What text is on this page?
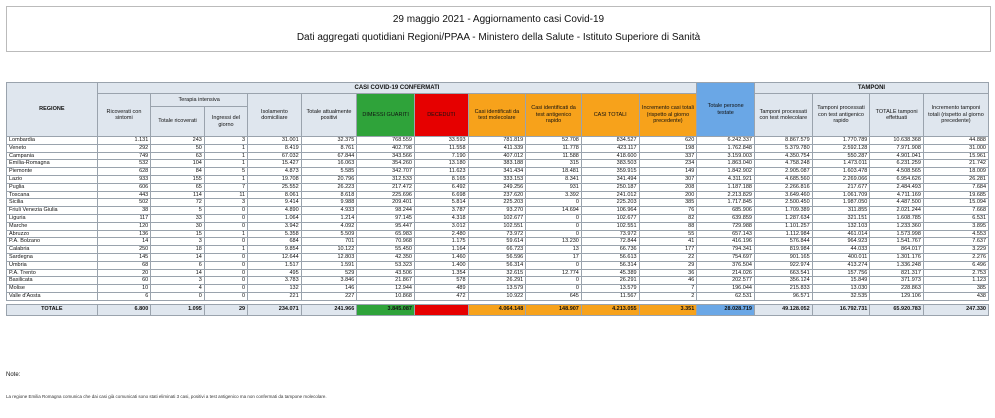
29 maggio 2021 - Aggiornamento casi Covid-19
Dati aggregati quotidiani Regioni/PPAA - Ministero della Salute - Istituto Superiore di Sanità
REGIONE	CASI COVID-19 CONFERMATI											Totale persone testate	TAMPONI			
	Ricoverati con sintomi	Terapia intensiva		Isolamento domiciliare	Totale attualmente positivi	DIMESSI GUARITI	DECEDUTI	Casi identificati da test molecolare	Casi identificati da test antigenico rapido	CASI TOTALI	Incremento casi totali (rispetto al giorno precedente)		Tamponi processati con test molecolare	Tamponi processati con test antigenico rapido	TOTALE tamponi effettuati	Incremento tamponi totali (rispetto al giorno precedente)
		Totale ricoverati	Ingressi del giorno													
Lombardia	1.131	243	3	31.001	32.375	768.559	33.593	781.819	52.708	834.527	620	6.242.337	8.867.579	1.770.789	10.638.368	44.888
Veneto	292	50	1	8.419	8.761	402.798	11.558	411.339	11.778	423.117	198	1.762.848	5.379.780	2.592.128	7.971.908	31.000
Campania	749	63	1	67.032	67.844	343.566	7.190	407.012	11.588	418.600	337	3.159.003	4.350.754	550.287	4.901.041	15.961
Emilia-Romagna	532	104	1	15.427	16.063	354.260	13.180	383.188	315	383.503	234	1.863.040	4.758.248	1.473.011	6.231.259	21.742
Piemonte	628	84	5	4.873	5.585	342.707	11.623	341.434	18.481	359.915	149	1.842.902	2.905.087	1.603.478	4.508.565	18.009
Lazio	933	155	1	19.708	20.796	312.533	8.165	333.153	8.341	341.494	307	4.311.921	4.685.560	2.269.066	6.954.626	26.281
Puglia	606	65	7	25.552	26.223	217.472	6.492	249.256	931	250.187	208	1.187.188	2.266.816	217.677	2.484.493	7.684
Toscana	443	114	11	8.061	8.618	225.696	6.698	237.620	3.392	241.012	200	2.213.829	3.649.460	1.061.709	4.711.169	19.685
Sicilia	502	72	3	9.414	9.988	209.401	5.814	225.203	0	225.203	385	1.717.845	2.500.450	1.987.050	4.487.500	15.094
Friuli Venezia Giulia	38	5	0	4.890	4.933	98.244	3.787	93.270	14.694	106.964	76	685.906	1.709.389	311.855	2.021.244	7.668
Liguria	117	33	0	1.064	1.214	97.145	4.318	102.677	0	102.677	82	639.859	1.287.634	321.151	1.608.785	6.531
Marche	120	30	0	3.942	4.092	95.447	3.012	102.551	0	102.551	88	729.988	1.101.257	132.103	1.233.360	3.895
Abruzzo	136	15	1	5.358	5.509	65.983	2.480	73.972	0	73.972	55	657.143	1.112.984	461.014	1.573.998	4.553
P.A. Bolzano	14	3	0	684	701	70.968	1.175	59.614	13.230	72.844	41	416.196	576.844	964.923	1.541.767	7.637
Calabria	250	18	1	9.854	10.122	55.450	1.164	66.723	13	66.736	177	794.341	819.984	44.033	864.017	3.229
Sardegna	145	14	0	12.644	12.803	42.350	1.460	56.596	17	56.613	22	754.697	901.165	400.011	1.301.176	2.276
Umbria	68	6	0	1.517	1.591	53.323	1.400	56.314	0	56.314	29	376.504	922.974	413.274	1.336.248	6.496
P.A. Trento	20	14	0	495	529	43.506	1.354	32.615	12.774	45.389	36	214.026	663.541	157.756	821.317	2.753
Basilicata	60	3	0	3.783	3.846	21.867	578	26.291	0	26.291	46	202.577	356.124	15.849	371.973	1.123
Molise	10	4	0	132	146	12.944	489	13.579	0	13.579	7	196.044	215.833	13.030	228.863	385
Valle d'Aosta	6	0	0	221	227	10.868	472	10.922	645	11.567	2	62.531	96.571	32.535	129.106	438

TOTALE	6.800	1.095	29	234.071	241.966	3.845.087	126.002	4.064.148	148.907	4.213.055	3.351	28.028.719	49.128.052	16.792.731	65.920.783	247.330
Note:
La regione Emilia Romagna comunica che dai casi già comunicati sono stati eliminati 3 casi, positivi a test antigenico ma non confermati da tampone molecolare.
